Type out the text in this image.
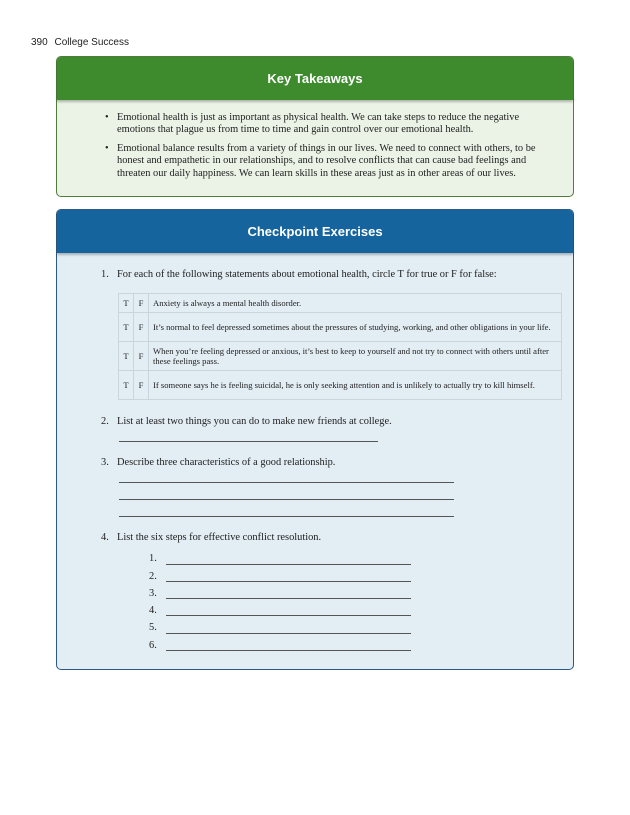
390 College Success
Key Takeaways
• Emotional health is just as important as physical health. We can take steps to reduce the negative emotions that plague us from time to time and gain control over our emotional health.
• Emotional balance results from a variety of things in our lives. We need to connect with others, to be honest and empathetic in our relationships, and to resolve conflicts that can cause bad feelings and threaten our daily happiness. We can learn skills in these areas just as in other areas of our lives.
Checkpoint Exercises
1. For each of the following statements about emotional health, circle T for true or F for false:
T	F	Anxiety is always a mental health disorder.
T	F	It’s normal to feel depressed sometimes about the pressures of studying, working, and other obligations in your life.
T	F	When you’re feeling depressed or anxious, it’s best to keep to yourself and not try to connect with others until after these feelings pass.
T	F	If someone says he is feeling suicidal, he is only seeking attention and is unlikely to actually try to kill himself.
2. List at least two things you can do to make new friends at college.
3. Describe three characteristics of a good relationship.
4. List the six steps for effective conflict resolution.
1.
2.
3.
4.
5.
6.
